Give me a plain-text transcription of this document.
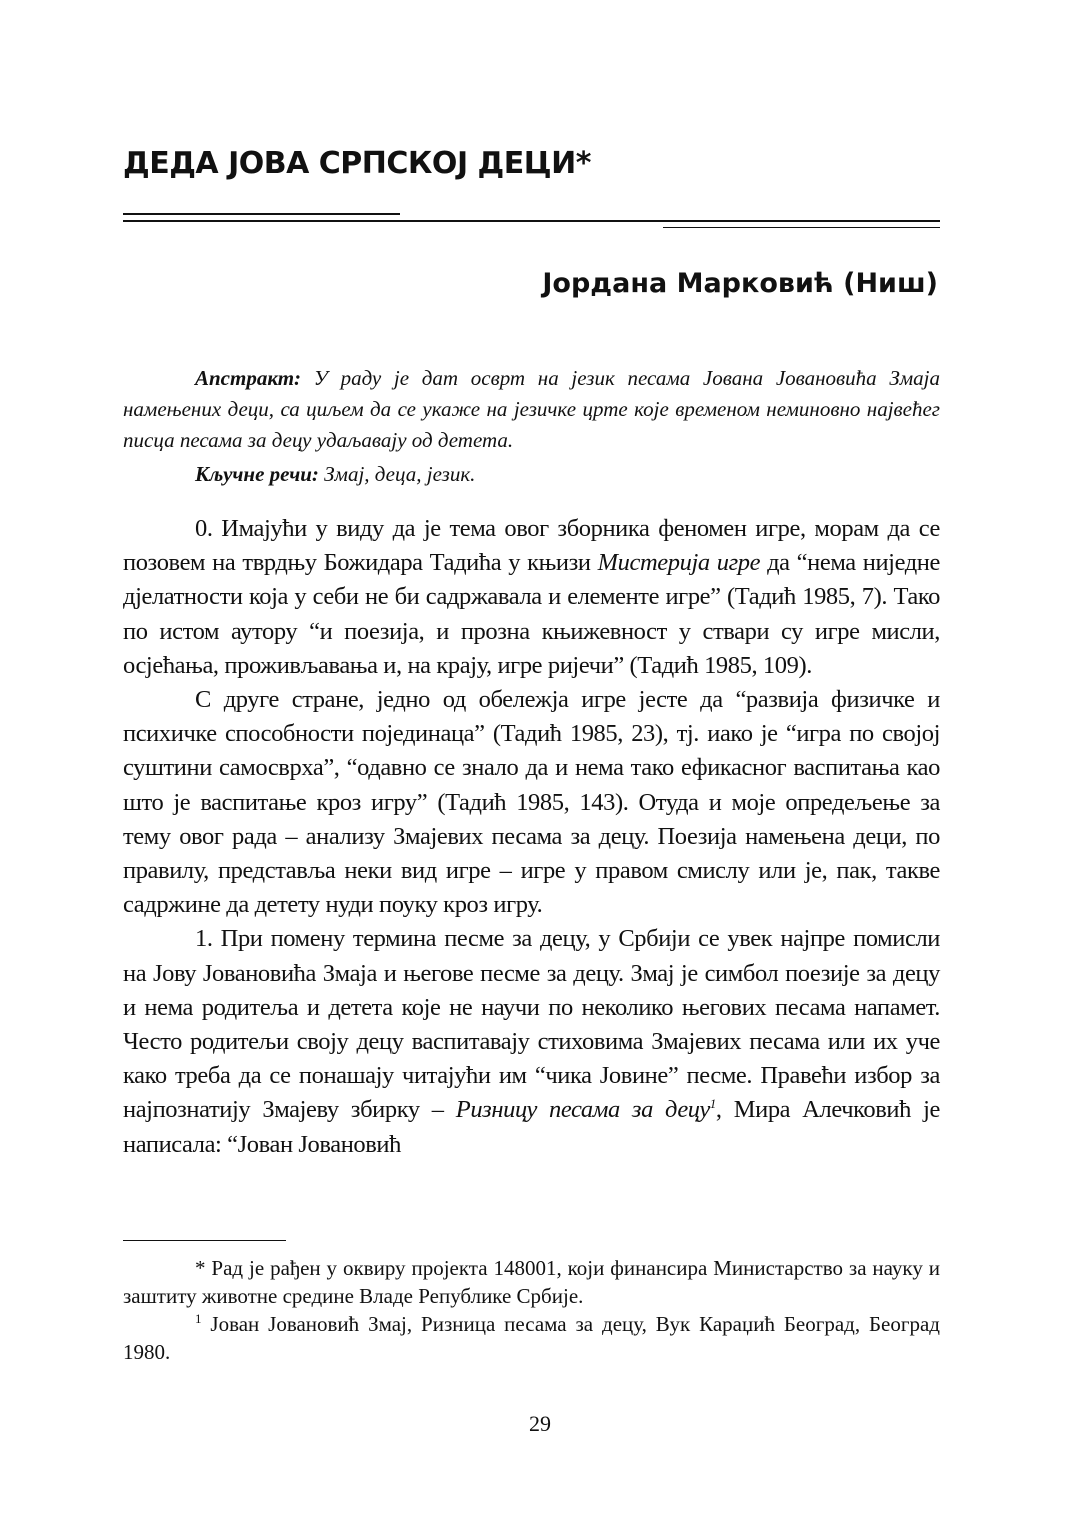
ДЕДА ЈОВА СРПСКОЈ ДЕЦИ*
Јордана Марковић (Ниш)

Апстракт: У раду је дат осврт на језик песама Јована Јовановића Змаја намењених деци, са циљем да се укаже на језичке црте које временом неминовно највећег писца песама за децу удаљавају од детета.

Кључне речи: Змај, деца, језик.

0. Имајући у виду да је тема овог зборника феномен игре, морам да се позовем на тврдњу Божидара Тадића у књизи Мистерија игре да “нема ниједне дјелатности која у себи не би садржавала и елементе игре” (Тадић 1985, 7). Тако по истом аутору “и поезија, и прозна књижевност у ствари су игре мисли, осјећања, проживљавања и, на крају, игре ријечи” (Тадић 1985, 109).

С друге стране, једно од обележја игре јесте да “развија физичке и психичке способности појединаца” (Тадић 1985, 23), тј. иако је “игра по својој суштини самосврха”, “одавно се знало да и нема тако ефикасног васпитања као што је васпитање кроз игру” (Тадић 1985, 143). Отуда и моје опредељење за тему овог рада – анализу Змајевих песама за децу. Поезија намењена деци, по правилу, представља неки вид игре – игре у правом смислу или је, пак, такве садржине да детету нуди поуку кроз игру.

1. При помену термина песме за децу, у Србији се увек најпре помисли на Јову Јовановића Змаја и његове песме за децу. Змај је симбол поезије за децу и нема родитеља и детета које не научи по неколико његових песама напамет. Често родитељи своју децу васпитавају стиховима Змајевих песама или их уче како треба да се понашају читајући им “чика Јовине” песме. Правећи избор за најпознатију Змајеву збирку – Ризницу песама за децу$^1$, Мира Алечковић је написала: “Јован Јовановић

* Рад је рађен у оквиру пројекта 148001, који финансира Министарство за науку и заштиту животне средине Владе Републике Србије.

$^1$ Јован Јовановић Змај, Ризница песама за децу, Вук Караџић Београд, Београд 1980.

29
